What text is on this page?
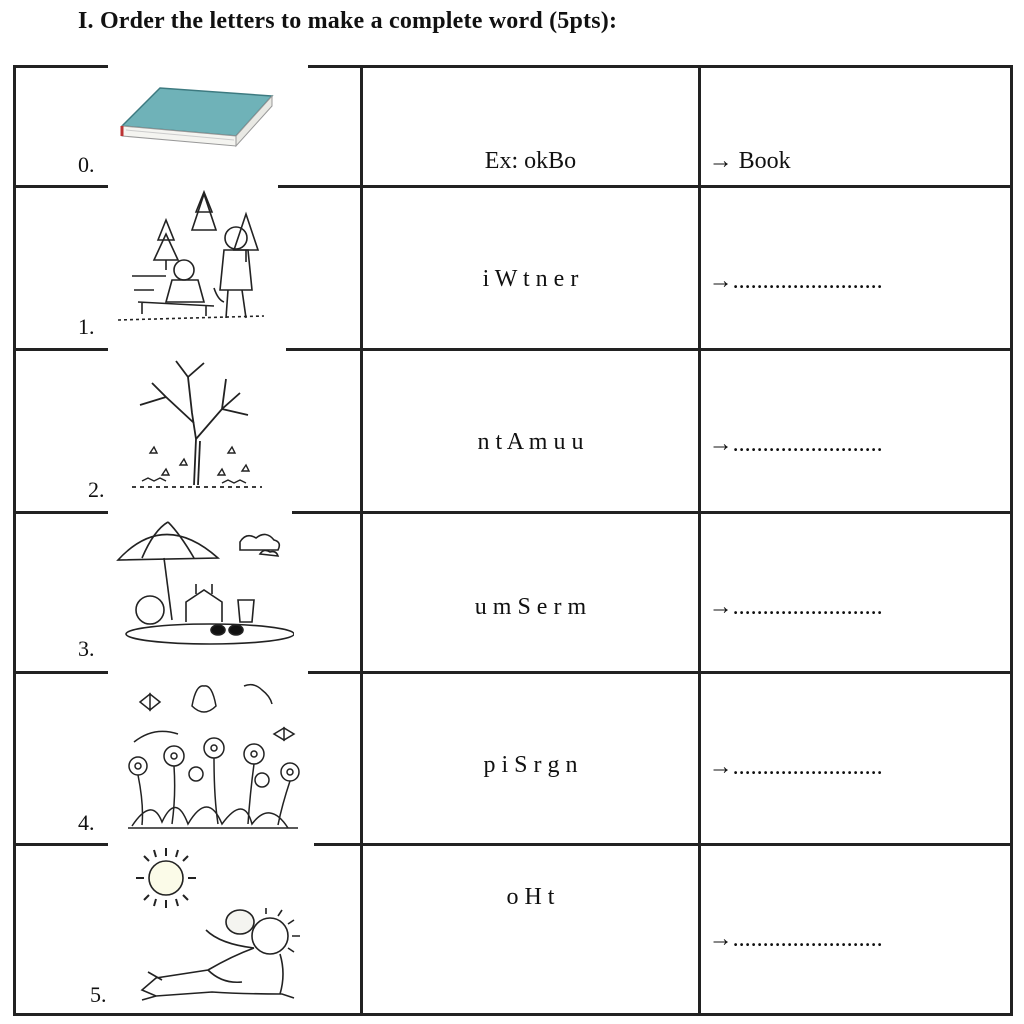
I. Order the letters to make a complete word (5pts):
0.	Ex: okBo	→ Book

1.	i W t n e r	→.........................

2.	n t A m u u	→.........................

3.	u m S e r m	→.........................

4.	p i S r g n	→.........................

5.	o H t	→.........................
